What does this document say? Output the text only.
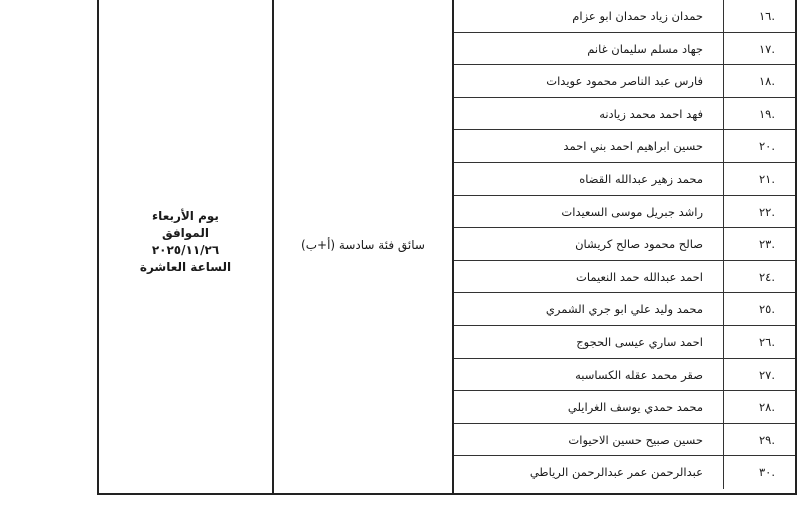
يوم الأربعاء
الموافق
٢٠٢٥/١١/٢٦
الساعة العاشرة
سائق فئة سادسة (أ+ب)
حمدان زياد حمدان ابو عزام	.١٦
جهاد مسلم سليمان غانم	.١٧
فارس عبد الناصر محمود عويدات	.١٨
فهد احمد محمد زيادنه	.١٩
حسين ابراهيم احمد بني احمد	.٢٠
محمد زهير عبدالله القضاه	.٢١
راشد جبريل موسى السعيدات	.٢٢
صالح محمود صالح كريشان	.٢٣
احمد عبدالله حمد النعيمات	.٢٤
محمد وليد علي ابو جري الشمري	.٢٥
احمد ساري عيسى الحجوج	.٢٦
صقر محمد عقله الكساسبه	.٢٧
محمد حمدي يوسف الغرايلي	.٢٨
حسين صبيح حسين الاحيوات	.٢٩
عبدالرحمن عمر عبدالرحمن الرياطي	.٣٠
